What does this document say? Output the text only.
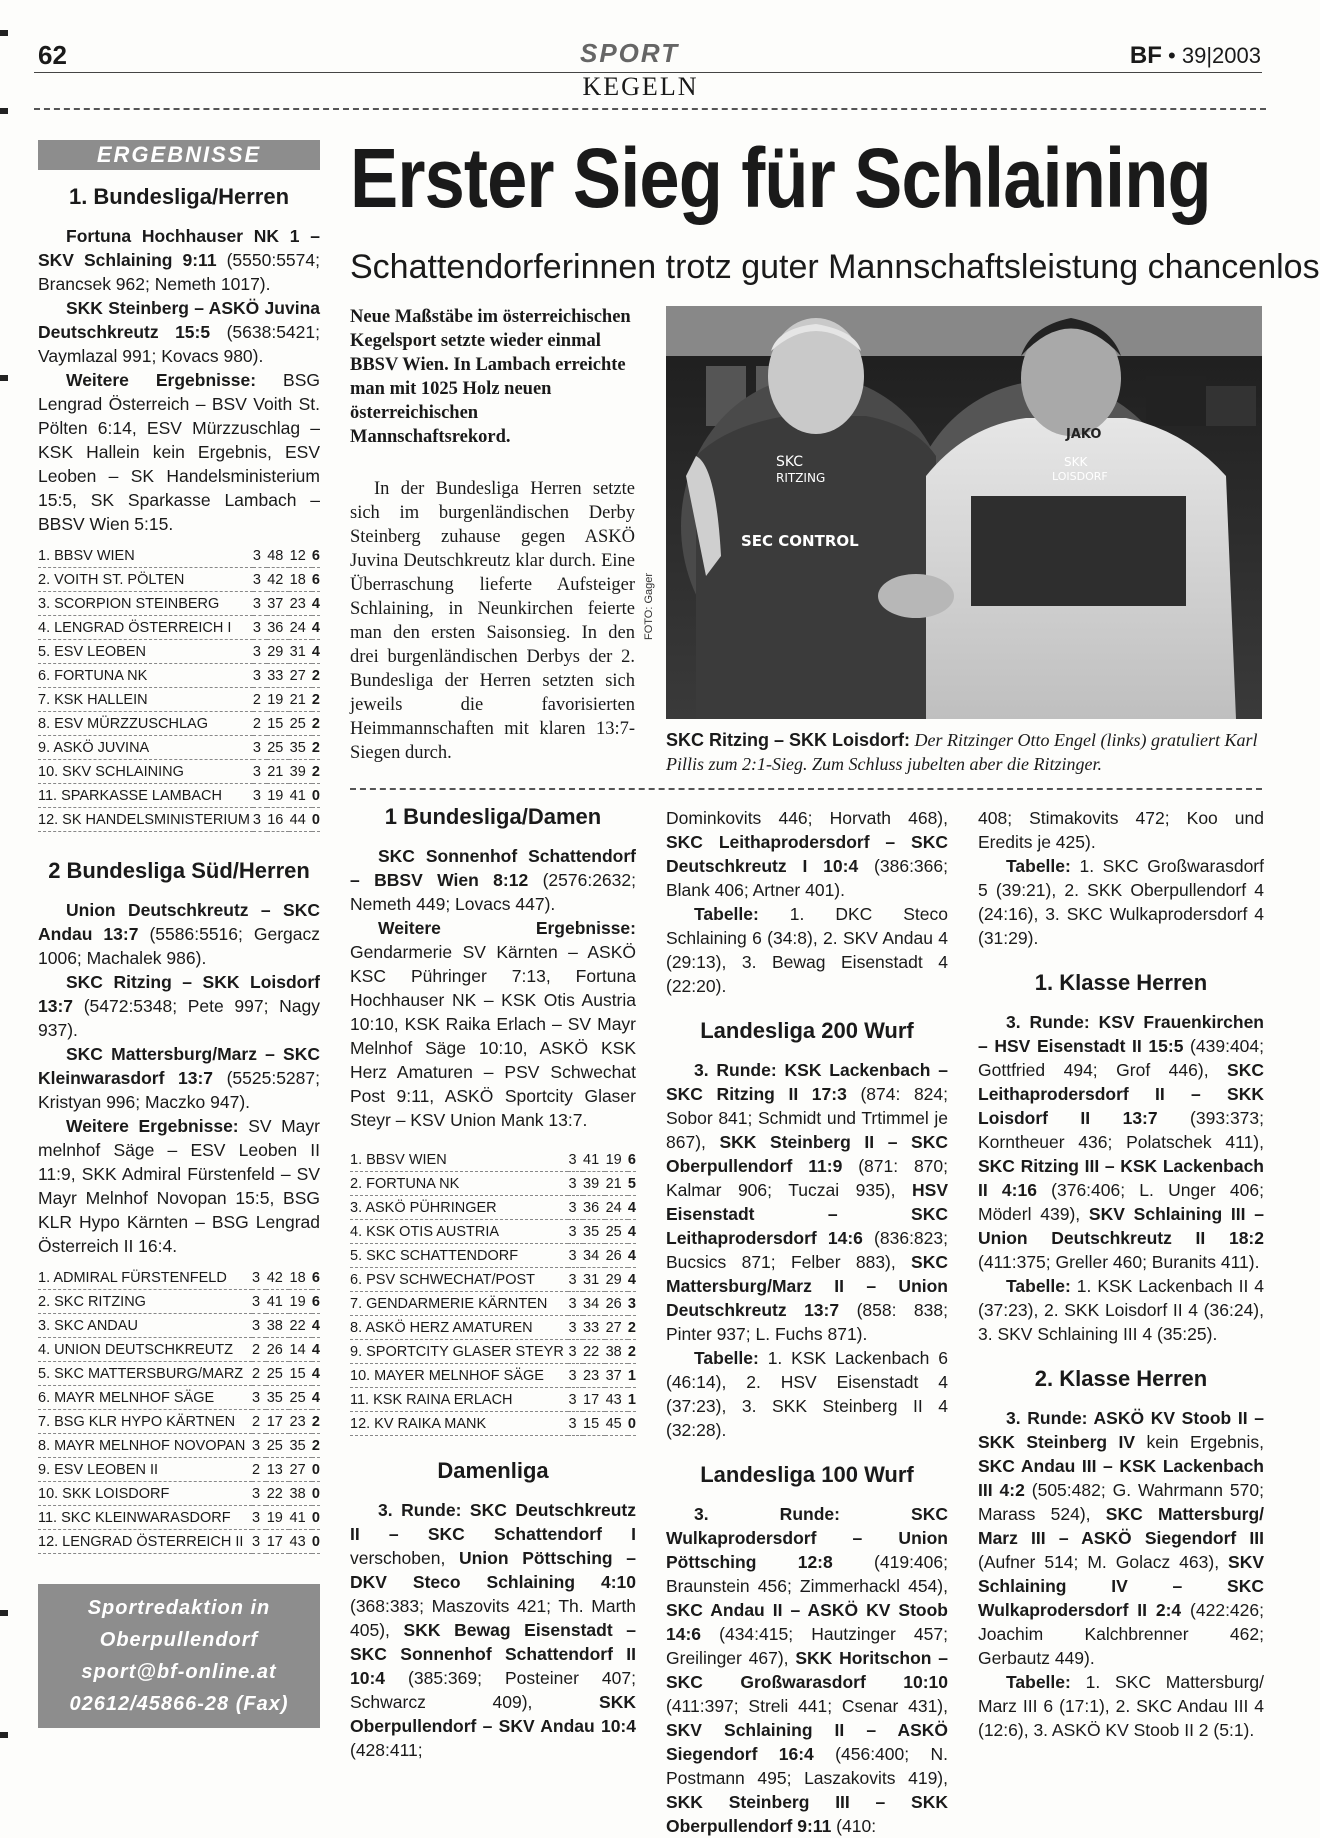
62	SPORT	BF • 39|2003
KEGELN
ERGEBNISSE
1. Bundesliga/Herren

Fortuna Hochhauser NK 1 – SKV Schlaining 9:11 (5550:5574; Brancsek 962; Nemeth 1017).

SKK Steinberg – ASKÖ Juvina Deutschkreutz 15:5 (5638:5421; Vaymlazal 991; Kovacs 980).

Weitere Ergebnisse: BSG Lengrad Österreich – BSV Voith St. Pölten 6:14, ESV Mürzzuschlag – KSK Hallein kein Ergebnis, ESV Leoben – SK Handelsministerium 15:5, SK Sparkasse Lambach – BBSV Wien 5:15.

1. BBSV WIEN	3	48	12	6
2. VOITH ST. PÖLTEN	3	42	18	6
3. SCORPION STEINBERG	3	37	23	4
4. LENGRAD ÖSTERREICH I	3	36	24	4
5. ESV LEOBEN	3	29	31	4
6. FORTUNA NK	3	33	27	2
7. KSK HALLEIN	2	19	21	2
8. ESV MÜRZZUSCHLAG	2	15	25	2
9. ASKÖ JUVINA	3	25	35	2
10. SKV SCHLAINING	3	21	39	2
11. SPARKASSE LAMBACH	3	19	41	0
12. SK HANDELSMINISTERIUM	3	16	44	0
2 Bundesliga Süd/Herren

Union Deutschkreutz – SKC Andau 13:7 (5586:5516; Gergacz 1006; Machalek 986).

SKC Ritzing – SKK Loisdorf 13:7 (5472:5348; Pete 997; Nagy 937).

SKC Mattersburg/Marz – SKC Kleinwarasdorf 13:7 (5525:5287; Kristyan 996; Maczko 947).

Weitere Ergebnisse: SV Mayr melnhof Säge – ESV Leoben II 11:9, SKK Admiral Fürstenfeld – SV Mayr Melnhof Novopan 15:5, BSG KLR Hypo Kärnten – BSG Lengrad Österreich II 16:4.

1. ADMIRAL FÜRSTENFELD	3	42	18	6
2. SKC RITZING	3	41	19	6
3. SKC ANDAU	3	38	22	4
4. UNION DEUTSCHKREUTZ	2	26	14	4
5. SKC MATTERSBURG/MARZ	2	25	15	4
6. MAYR MELNHOF SÄGE	3	35	25	4
7. BSG KLR HYPO KÄRTNEN	2	17	23	2
8. MAYR MELNHOF NOVOPAN	3	25	35	2
9. ESV LEOBEN II	2	13	27	0
10. SKK LOISDORF	3	22	38	0
11. SKC KLEINWARASDORF	3	19	41	0
12. LENGRAD ÖSTERREICH II	3	17	43	0
Sportredaktion in
Oberpullendorf
sport@bf-online.at
02612/45866-28 (Fax)
Erster Sieg für Schlaining
Schattendorferinnen trotz guter Mannschaftsleistung chancenlos
Neue Maßstäbe im österreichischen Kegelsport setzte wieder einmal BBSV Wien. In Lambach erreichte man mit 1025 Holz neuen österreichischen Mannschaftsrekord.
In der Bundesliga Herren setzte sich im burgenländischen Derby Steinberg zuhause gegen ASKÖ Juvina Deutschkreutz klar durch. Eine Überraschung lieferte Aufsteiger Schlaining, in Neunkirchen feierte man den ersten Saisonsieg. In den drei burgenländischen Derbys der 2. Bundesliga der Herren setzten sich jeweils die favorisierten Heimmannschaften mit klaren 13:7-Siegen durch.
SKC
RITZING
SEC CONTROL
JAKO
SKK
LOISDORF
FOTO: Gager
SKC Ritzing – SKK Loisdorf: Der Ritzinger Otto Engel (links) gratuliert Karl Pillis zum 2:1-Sieg. Zum Schluss jubelten aber die Ritzinger.
1 Bundesliga/Damen

SKC Sonnenhof Schattendorf – BBSV Wien 8:12 (2576:2632; Nemeth 449; Lovacs 447).

Weitere Ergebnisse: Gendarmerie SV Kärnten – ASKÖ KSC Pühringer 7:13, Fortuna Hochhauser NK – KSK Otis Austria 10:10, KSK Raika Erlach – SV Mayr Melnhof Säge 10:10, ASKÖ KSK Herz Amaturen – PSV Schwechat Post 9:11, ASKÖ Sportcity Glaser Steyr – KSV Union Mank 13:7.

1. BBSV WIEN	3	41	19	6
2. FORTUNA NK	3	39	21	5
3. ASKÖ PÜHRINGER	3	36	24	4
4. KSK OTIS AUSTRIA	3	35	25	4
5. SKC SCHATTENDORF	3	34	26	4
6. PSV SCHWECHAT/POST	3	31	29	4
7. GENDARMERIE KÄRNTEN	3	34	26	3
8. ASKÖ HERZ AMATUREN	3	33	27	2
9. SPORTCITY GLASER STEYR	3	22	38	2
10. MAYER MELNHOF SÄGE	3	23	37	1
11. KSK RAINA ERLACH	3	17	43	1
12. KV RAIKA MANK	3	15	45	0
Damenliga

3. Runde: SKC Deutschkreutz II – SKC Schattendorf I verschoben, Union Pöttsching – DKV Steco Schlaining 4:10 (368:383; Maszovits 421; Th. Marth 405), SKK Bewag Eisenstadt – SKC Sonnenhof Schattendorf II 10:4 (385:369; Posteiner 407; Schwarcz 409), SKK Oberpullendorf – SKV Andau 10:4 (428:411;

Dominkovits 446; Horvath 468), SKC Leithaprodersdorf – SKC Deutschkreutz I 10:4 (386:366; Blank 406; Artner 401).

Tabelle: 1. DKC Steco Schlaining 6 (34:8), 2. SKV Andau 4 (29:13), 3. Bewag Eisenstadt 4 (22:20).

Landesliga 200 Wurf

3. Runde: KSK Lackenbach – SKC Ritzing II 17:3 (874: 824; Sobor 841; Schmidt und Trtimmel je 867), SKK Steinberg II – SKC Oberpullendorf 11:9 (871: 870; Kalmar 906; Tuczai 935), HSV Eisenstadt – SKC Leithaprodersdorf 14:6 (836:823; Bucsics 871; Felber 883), SKC Mattersburg/Marz II – Union Deutschkreutz 13:7 (858: 838; Pinter 937; L. Fuchs 871).

Tabelle: 1. KSK Lackenbach 6 (46:14), 2. HSV Eisenstadt 4 (37:23), 3. SKK Steinberg II 4 (32:28).

Landesliga 100 Wurf

3. Runde: SKC Wulkaprodersdorf – Union Pöttsching 12:8 (419:406; Braunstein 456; Zimmerhackl 454), SKC Andau II – ASKÖ KV Stoob 14:6 (434:415; Hautzinger 457; Greilinger 467), SKK Horitschon – SKC Großwarasdorf 10:10 (411:397; Streli 441; Csenar 431), SKV Schlaining II – ASKÖ Siegendorf 16:4 (456:400; N. Postmann 495; Laszakovits 419), SKK Steinberg III – SKK Oberpullendorf 9:11 (410:

408; Stimakovits 472; Koo und Eredits je 425).

Tabelle: 1. SKC Großwarasdorf 5 (39:21), 2. SKK Oberpullendorf 4 (24:16), 3. SKC Wulkaprodersdorf 4 (31:29).

1. Klasse Herren

3. Runde: KSV Frauenkirchen – HSV Eisenstadt II 15:5 (439:404; Gottfried 494; Grof 446), SKC Leithaprodersdorf II – SKK Loisdorf II 13:7 (393:373; Korntheuer 436; Polatschek 411), SKC Ritzing III – KSK Lackenbach II 4:16 (376:406; L. Unger 406; Möderl 439), SKV Schlaining III – Union Deutschkreutz II 18:2 (411:375; Greller 460; Buranits 411).

Tabelle: 1. KSK Lackenbach II 4 (37:23), 2. SKK Loisdorf II 4 (36:24), 3. SKV Schlaining III 4 (35:25).

2. Klasse Herren

3. Runde: ASKÖ KV Stoob II – SKK Steinberg IV kein Ergebnis, SKC Andau III – KSK Lackenbach III 4:2 (505:482; G. Wahrmann 570; Marass 524), SKC Mattersburg/ Marz III – ASKÖ Siegendorf III (Aufner 514; M. Golacz 463), SKV Schlaining IV – SKC Wulkaprodersdorf II 2:4 (422:426; Joachim Kalchbrenner 462; Gerbautz 449).

Tabelle: 1. SKC Mattersburg/ Marz III 6 (17:1), 2. SKC Andau III 4 (12:6), 3. ASKÖ KV Stoob II 2 (5:1).
